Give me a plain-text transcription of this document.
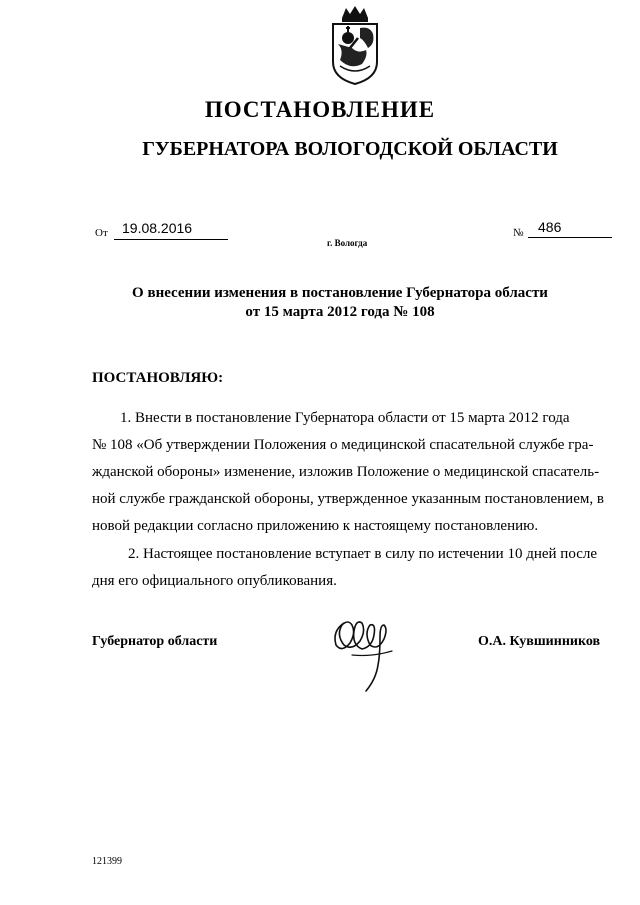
ПОСТАНОВЛЕНИЕ
ГУБЕРНАТОРА ВОЛОГОДСКОЙ ОБЛАСТИ
От 19.08.2016	№ 486
г. Вологда
О внесении изменения в постановление Губернатора области
от 15 марта 2012 года № 108
ПОСТАНОВЛЯЮ:
1. Внести в постановление Губернатора области от 15 марта 2012 года
№ 108 «Об утверждении Положения о медицинской спасательной службе гра-
жданской обороны» изменение, изложив Положение о медицинской спасатель-
ной службе гражданской обороны, утвержденное указанным постановлением, в
новой редакции согласно приложению к настоящему постановлению.
2. Настоящее постановление вступает в силу по истечении 10 дней после
дня его официального опубликования.
Губернатор области	О.А. Кувшинников
121399
